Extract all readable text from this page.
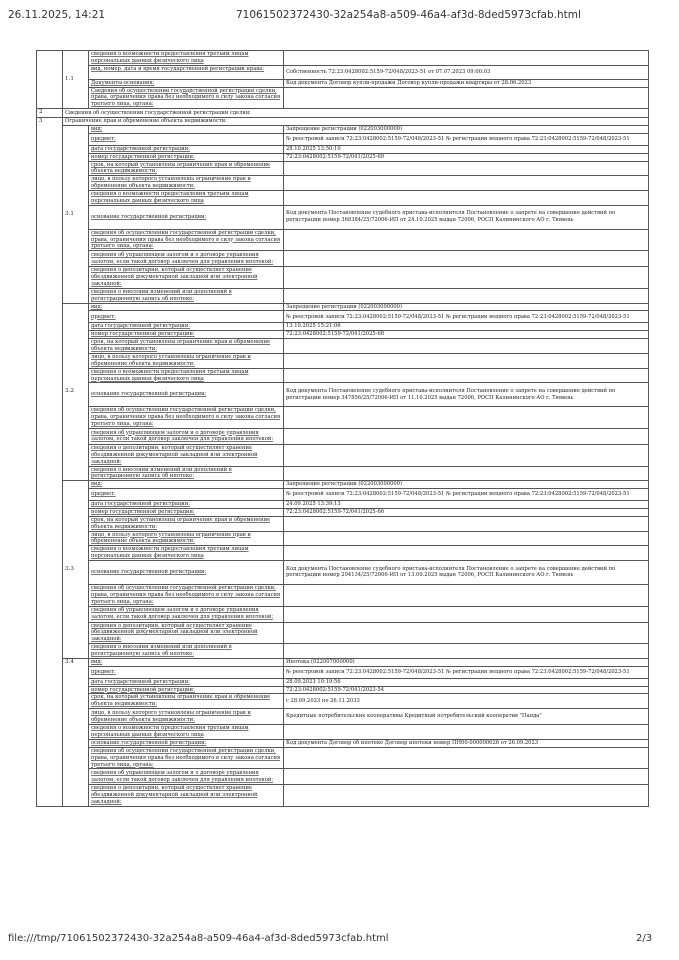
26.11.2025, 14:21	71061502372430-32a254a8-a509-46a4-af3d-8ded5973cfab.html
	1.1	сведения о возможности предоставления третьим лицам персональных данных физического лица	
		вид, номер, дата и время государственной регистрации права:	Собственность 72:23:0428002:5159-72/048/2023-51 от 07.07.2023 09:00:03
		Документы-основания:	Код документа Договор купли-продажи Договор купли-продажи квартиры от 28.06.2023
		Сведения об осуществлении государственной регистрации сделки, права, ограничения права без необходимого в силу закона согласия третьего лица, органа:	
2	Сведения об осуществлении государственной регистрации сделки:		
3	Ограничение прав и обременение объекта недвижимости:		
	3.1	вид:	Запрещение регистрации (022003000000)
		предмет:	№ реестровой записи 72:23:0428002:5159-72/048/2023-51 № регистрации вещного права 72:23:0428002:5159-72/048/2023-51
		дата государственной регистрации:	28.10.2025 13:50:10
		номер государственной регистрации:	72:23:0428002:5159-72/041/2025-69
		срок, на который установлены ограничение прав и обременение объекта недвижимости:	
		лицо, в пользу которого установлены ограничение прав и обременение объекта недвижимости:	
		сведения о возможности предоставления третьим лицам персональных данных физического лица	
		основание государственной регистрации:	Код документа Постановление судебного пристава-исполнителя Постановление о запрете на совершение действий по регистрации номер 368384/25/72006-ИП от 24.10.2025 выдан 72006, РОСП Калининского АО г. Тюмень
		сведения об осуществлении государственной регистрации сделки, права, ограничения права без необходимого в силу закона согласия третьего лица, органа:	
		сведения об управляющем залогом и о договоре управления залогом, если такой договор заключен для управления ипотекой:	
		сведения о депозитарии, который осуществляет хранение обездвиженной документарной закладной или электронной закладной:	
		сведения о внесении изменений или дополнений в регистрационную запись об ипотеке:	
	3.2	вид:	Запрещение регистрации (022003000000)
		предмет:	№ реестровой записи 72:23:0428002:5159-72/048/2023-51 № регистрации вещного права 72:23:0428002:5159-72/048/2023-51
		дата государственной регистрации:	13.10.2025 15:21:06
		номер государственной регистрации:	72:23:0428002:5159-72/041/2025-68
		срок, на который установлены ограничение прав и обременение объекта недвижимости:	
		лицо, в пользу которого установлены ограничение прав и обременение объекта недвижимости:	
		сведения о возможности предоставления третьим лицам персональных данных физического лица	
		основание государственной регистрации:	Код документа Постановление судебного пристава-исполнителя Постановление о запрете на совершение действий по регистрации номер 347856/25/72006-ИП от 11.10.2025 выдан 72006, РОСП Калининского АО г. Тюмень
		сведения об осуществлении государственной регистрации сделки, права, ограничения права без необходимого в силу закона согласия третьего лица, органа:	
		сведения об управляющем залогом и о договоре управления залогом, если такой договор заключен для управления ипотекой:	
		сведения о депозитарии, который осуществляет хранение обездвиженной документарной закладной или электронной закладной:	
		сведения о внесении изменений или дополнений в регистрационную запись об ипотеке:	
	3.3	вид:	Запрещение регистрации (022003000000)
		предмет:	№ реестровой записи 72:23:0428002:5159-72/048/2023-51 № регистрации вещного права 72:23:0428002:5159-72/048/2023-51
		дата государственной регистрации:	24.09.2025 13:39:13
		номер государственной регистрации:	72:23:0428002:5159-72/041/2025-66
		срок, на который установлены ограничение прав и обременение объекта недвижимости:	
		лицо, в пользу которого установлены ограничение прав и обременение объекта недвижимости:	
		сведения о возможности предоставления третьим лицам персональных данных физического лица	
		основание государственной регистрации:	Код документа Постановление судебного пристава-исполнителя Постановление о запрете на совершение действий по регистрации номер 294134/25/72006-ИП от 13.09.2025 выдан 72006, РОСП Калининского АО г. Тюмень
		сведения об осуществлении государственной регистрации сделки, права, ограничения права без необходимого в силу закона согласия третьего лица, органа:	
		сведения об управляющем залогом и о договоре управления залогом, если такой договор заключен для управления ипотекой:	
		сведения о депозитарии, который осуществляет хранение обездвиженной документарной закладной или электронной закладной:	
		сведения о внесении изменений или дополнений в регистрационную запись об ипотеке:	
	3.4	вид:	Ипотека (022007000000)
		предмет:	№ реестровой записи 72:23:0428002:5159-72/048/2023-51 № регистрации вещного права 72:23:0428002:5159-72/048/2023-51
		дата государственной регистрации:	28.09.2023 10:19:56
		номер государственной регистрации:	72:23:0428002:5159-72/041/2023-54
		срок, на который установлены ограничение прав и обременение объекта недвижимости:	с 28.09.2023 по 26.11.2033
		лицо, в пользу которого установлены ограничение прав и обременение объекта недвижимости:	Кредитные потребительские кооперативы Кредитный потребительский кооператив "Панда"
		сведения о возможности предоставления третьим лицам персональных данных физического лица	
		основание государственной регистрации:	Код документа Договор об ипотеке Договор ипотеки номер ПН00-000000626 от 26.09.2023
		сведения об осуществлении государственной регистрации сделки, права, ограничения права без необходимого в силу закона согласия третьего лица, органа:	
		сведения об управляющем залогом и о договоре управления залогом, если такой договор заключен для управления ипотекой:	
		сведения о депозитарии, который осуществляет хранение обездвиженной документарной закладной или электронной закладной:	
file:///tmp/71061502372430-32a254a8-a509-46a4-af3d-8ded5973cfab.html	2/3
